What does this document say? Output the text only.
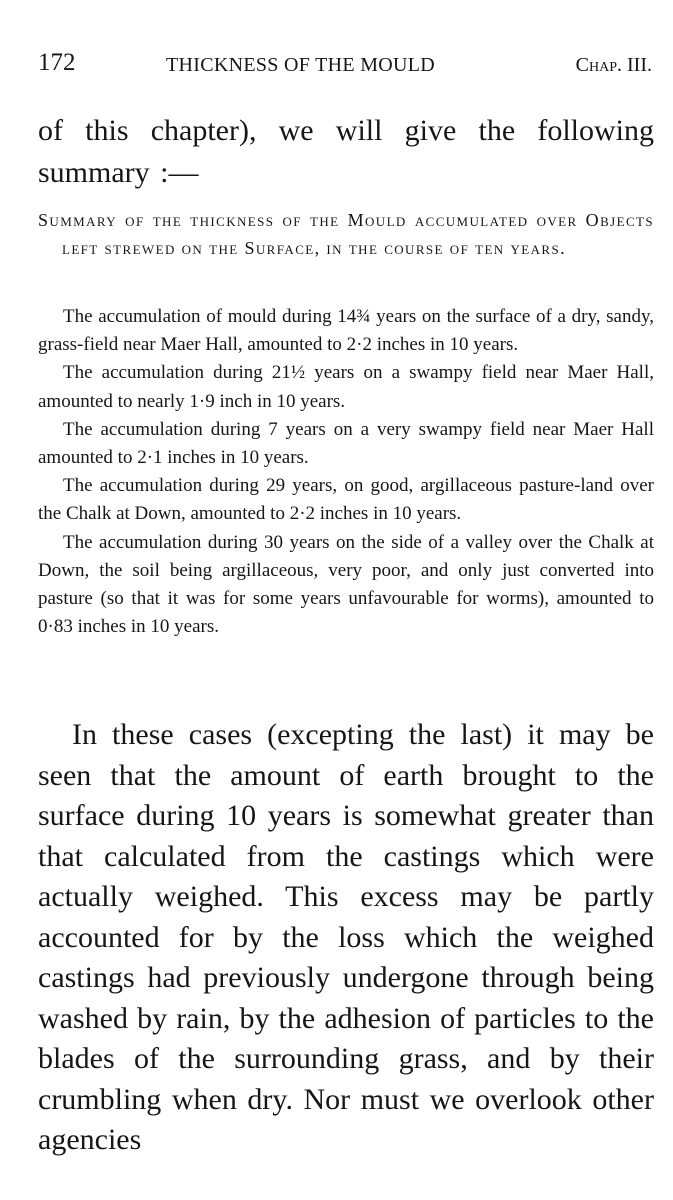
172	THICKNESS OF THE MOULD	Chap. III.

of this chapter), we will give the following summary :—

Summary of the thickness of the Mould accumulated over Objects left strewed on the Surface, in the course of ten years.

The accumulation of mould during 14¾ years on the surface of a dry, sandy, grass-field near Maer Hall, amounted to 2·2 inches in 10 years.
The accumulation during 21½ years on a swampy field near Maer Hall, amounted to nearly 1·9 inch in 10 years.
The accumulation during 7 years on a very swampy field near Maer Hall amounted to 2·1 inches in 10 years.
The accumulation during 29 years, on good, argillaceous pasture-land over the Chalk at Down, amounted to 2·2 inches in 10 years.
The accumulation during 30 years on the side of a valley over the Chalk at Down, the soil being argillaceous, very poor, and only just converted into pasture (so that it was for some years unfavourable for worms), amounted to 0·83 inches in 10 years.

In these cases (excepting the last) it may be seen that the amount of earth brought to the surface during 10 years is somewhat greater than that calculated from the castings which were actually weighed. This excess may be partly accounted for by the loss which the weighed castings had previously undergone through being washed by rain, by the adhesion of particles to the blades of the surrounding grass, and by their crumbling when dry. Nor must we overlook other agencies
